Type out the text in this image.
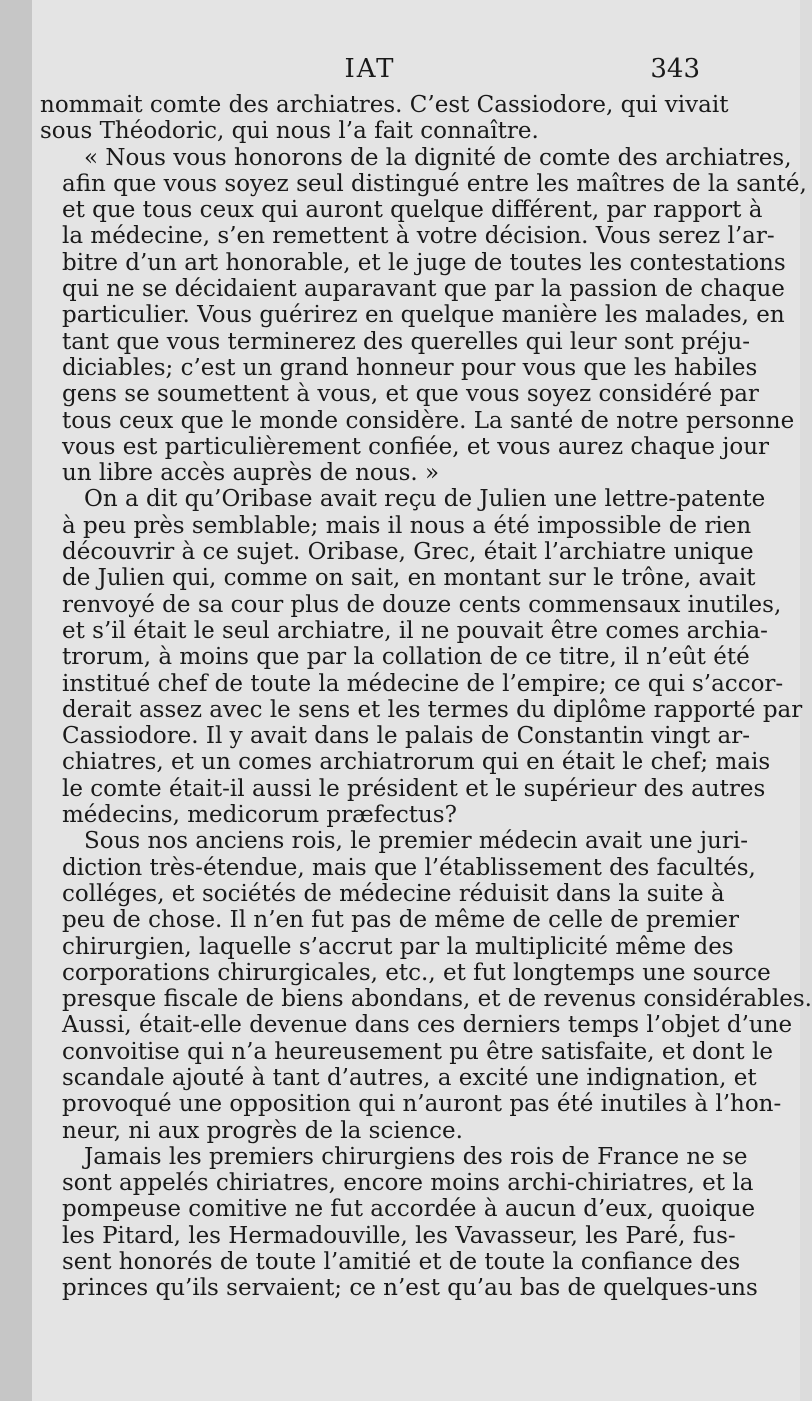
IAT	343

nommait comte des archiatres. C’est Cassiodore, qui vivait
sous Théodoric, qui nous l’a fait connaître.

« Nous vous honorons de la dignité de comte des archiatres,
afin que vous soyez seul distingué entre les maîtres de la santé,
et que tous ceux qui auront quelque différent, par rapport à
la médecine, s’en remettent à votre décision. Vous serez l’ar-
bitre d’un art honorable, et le juge de toutes les contestations
qui ne se décidaient auparavant que par la passion de chaque
particulier. Vous guérirez en quelque manière les malades, en
tant que vous terminerez des querelles qui leur sont préju-
diciables; c’est un grand honneur pour vous que les habiles
gens se soumettent à vous, et que vous soyez considéré par
tous ceux que le monde considère. La santé de notre personne
vous est particulièrement confiée, et vous aurez chaque jour
un libre accès auprès de nous. »

On a dit qu’Oribase avait reçu de Julien une lettre-patente
à peu près semblable; mais il nous a été impossible de rien
découvrir à ce sujet. Oribase, Grec, était l’archiatre unique
de Julien qui, comme on sait, en montant sur le trône, avait
renvoyé de sa cour plus de douze cents commensaux inutiles,
et s’il était le seul archiatre, il ne pouvait être comes archia-
trorum, à moins que par la collation de ce titre, il n’eût été
institué chef de toute la médecine de l’empire; ce qui s’accor-
derait assez avec le sens et les termes du diplôme rapporté par
Cassiodore. Il y avait dans le palais de Constantin vingt ar-
chiatres, et un comes archiatrorum qui en était le chef; mais
le comte était-il aussi le président et le supérieur des autres
médecins, medicorum præfectus?

Sous nos anciens rois, le premier médecin avait une juri-
diction très-étendue, mais que l’établissement des facultés,
colléges, et sociétés de médecine réduisit dans la suite à
peu de chose. Il n’en fut pas de même de celle de premier
chirurgien, laquelle s’accrut par la multiplicité même des
corporations chirurgicales, etc., et fut longtemps une source
presque fiscale de biens abondans, et de revenus considérables.
Aussi, était-elle devenue dans ces derniers temps l’objet d’une
convoitise qui n’a heureusement pu être satisfaite, et dont le
scandale ajouté à tant d’autres, a excité une indignation, et
provoqué une opposition qui n’auront pas été inutiles à l’hon-
neur, ni aux progrès de la science.

Jamais les premiers chirurgiens des rois de France ne se
sont appelés chiriatres, encore moins archi-chiriatres, et la
pompeuse comitive ne fut accordée à aucun d’eux, quoique
les Pitard, les Hermadouville, les Vavasseur, les Paré, fus-
sent honorés de toute l’amitié et de toute la confiance des
princes qu’ils servaient; ce n’est qu’au bas de quelques-uns
